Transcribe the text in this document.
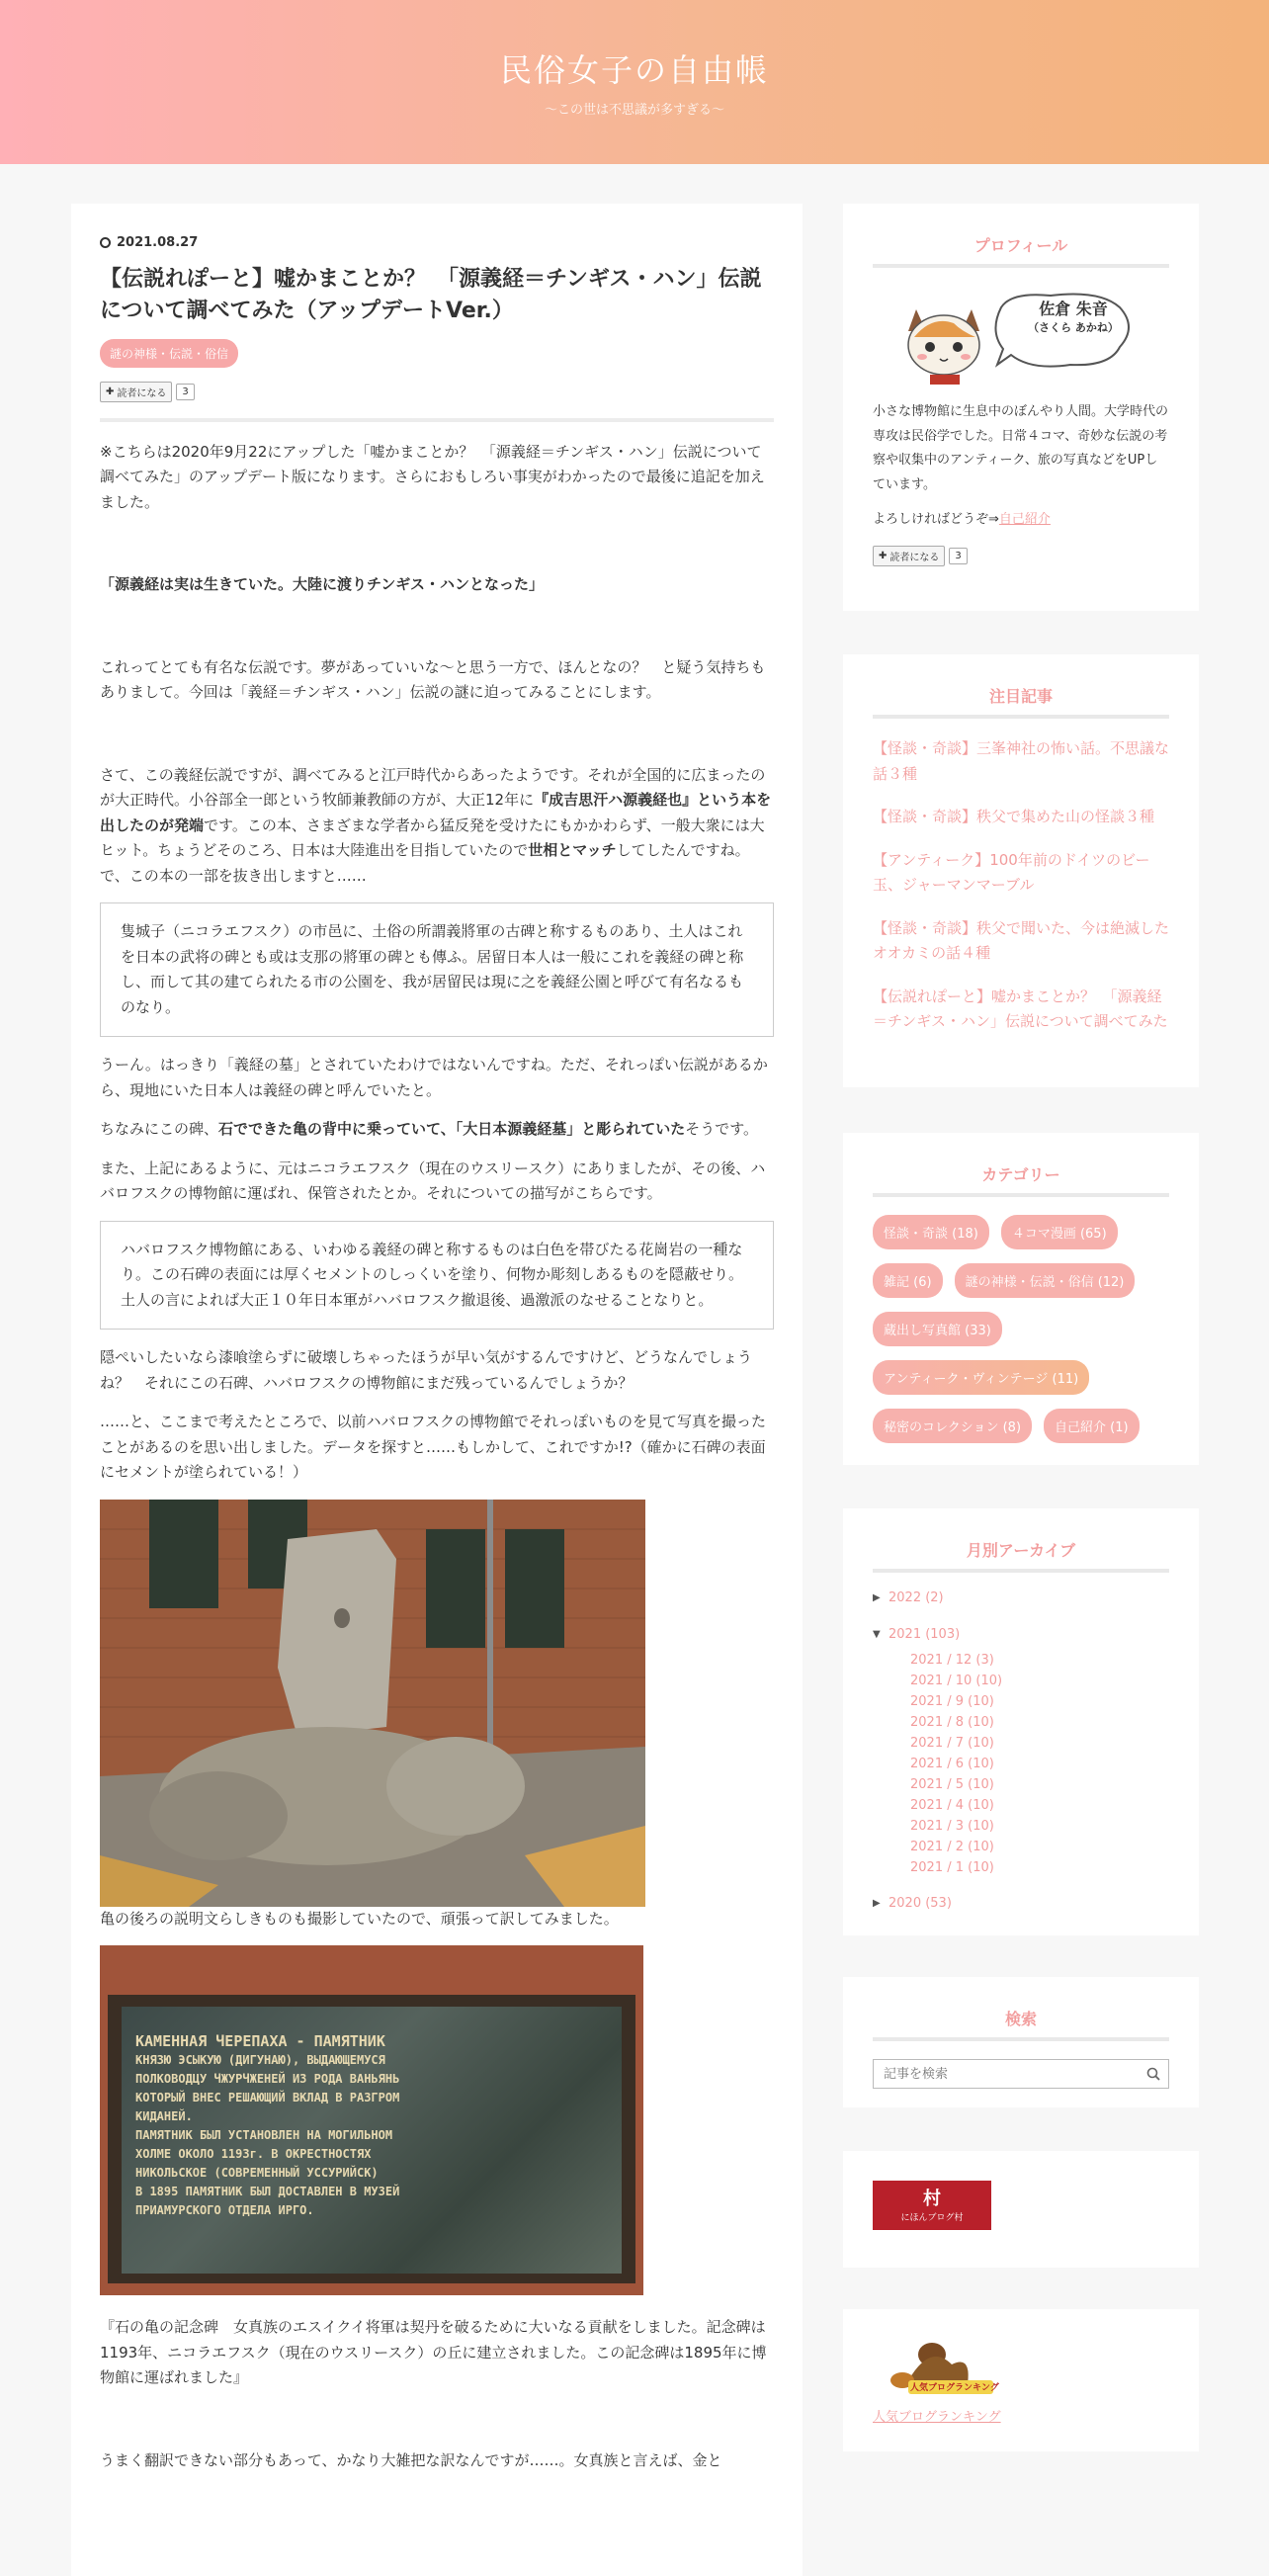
民俗女子の自由帳
～この世は不思議が多すぎる～
2021.08.27
【伝説れぽーと】嘘かまことか？　「源義経＝チンギス・ハン」伝説について調べてみた（アップデートVer.）
謎の神様・伝説・俗信
✚ 読者になる	3

※こちらは2020年9月22にアップした「嘘かまことか？　「源義経＝チンギス・ハン」伝説について調べてみた」のアップデート版になります。さらにおもしろい事実がわかったので最後に追記を加えました。

「源義経は実は生きていた。大陸に渡りチンギス・ハンとなった」

これってとても有名な伝説です。夢があっていいな～と思う一方で、ほんとなの？　と疑う気持ちもありまして。今回は「義経＝チンギス・ハン」伝説の謎に迫ってみることにします。

さて、この義経伝説ですが、調べてみると江戸時代からあったようです。それが全国的に広まったのが大正時代。小谷部全一郎という牧師兼教師の方が、大正12年に『成吉思汗ハ源義経也』という本を出したのが発端です。この本、さまざまな学者から猛反発を受けたにもかかわらず、一般大衆には大ヒット。ちょうどそのころ、日本は大陸進出を目指していたので世相とマッチしてしたんですね。で、この本の一部を抜き出しますと……

隻城子（ニコラエフスク）の市邑に、土俗の所謂義將軍の古碑と称するものあり、土人はこれを日本の武将の碑とも或は支那の將軍の碑とも傳ふ。居留日本人は一般にこれを義経の碑と称し、而して其の建てられたる市の公園を、我が居留民は現に之を義経公園と呼びて有名なるものなり。

うーん。はっきり「義経の墓」とされていたわけではないんですね。ただ、それっぽい伝説があるから、現地にいた日本人は義経の碑と呼んでいたと。

ちなみにこの碑、石でできた亀の背中に乗っていて、「大日本源義経墓」と彫られていたそうです。

また、上記にあるように、元はニコラエフスク（現在のウスリースク）にありましたが、その後、ハバロフスクの博物館に運ばれ、保管されたとか。それについての描写がこちらです。

ハバロフスク博物館にある、いわゆる義経の碑と称するものは白色を帯びたる花崗岩の一種なり。この石碑の表面には厚くセメントのしっくいを塗り、何物か彫刻しあるものを隠蔽せり。土人の言によれば大正１０年日本軍がハバロフスク撤退後、過激派のなせることなりと。

隠ぺいしたいなら漆喰塗らずに破壊しちゃったほうが早い気がするんですけど、どうなんでしょうね？　それにこの石碑、ハバロフスクの博物館にまだ残っているんでしょうか？

……と、ここまで考えたところで、以前ハバロフスクの博物館でそれっぽいものを見て写真を撮ったことがあるのを思い出しました。データを探すと……もしかして、これですか!?（確かに石碑の表面にセメントが塗られている！）

亀の後ろの説明文らしきものも撮影していたので、頑張って訳してみました。

КАМЕННАЯ ЧЕРЕПАХА - ПАМЯТНИК
КНЯЗЮ ЭСЫКУЮ (ДИГУНАЮ), ВЫДАЮЩЕМУСЯ
ПОЛКОВОДЦУ ЧЖУРЧЖЕНЕЙ ИЗ РОДА ВАНЬЯНЬ
КОТОРЫЙ ВНЕС РЕШАЮЩИЙ ВКЛАД В РАЗГРОМ
КИДАНЕЙ.
ПАМЯТНИК БЫЛ УСТАНОВЛЕН НА МОГИЛЬНОМ
ХОЛМЕ ОКОЛО 1193г. В ОКРЕСТНОСТЯХ
НИКОЛЬСКОЕ (СОВРЕМЕННЫЙ УССУРИЙСК)
В 1895 ПАМЯТНИК БЫЛ ДОСТАВЛЕН В МУЗЕЙ
ПРИАМУРСКОГО ОТДЕЛА ИРГО.

『石の亀の記念碑　女真族のエスイクイ将軍は契丹を破るために大いなる貢献をしました。記念碑は1193年、ニコラエフスク（現在のウスリースク）の丘に建立されました。この記念碑は1895年に博物館に運ばれました』

うまく翻訳できない部分もあって、かなり大雑把な訳なんですが……。女真族と言えば、金と

プロフィール
佐倉 朱音
（さくら あかね）
小さな博物館に生息中のぼんやり人間。大学時代の専攻は民俗学でした。日常４コマ、奇妙な伝説の考察や収集中のアンティーク、旅の写真などをUPしています。
よろしければどうぞ⇒自己紹介
✚ 読者になる	3
注目記事
【怪談・奇談】三峯神社の怖い話。不思議な話３種
【怪談・奇談】秩父で集めた山の怪談３種
【アンティーク】100年前のドイツのビー玉、ジャーマンマーブル
【怪談・奇談】秩父で聞いた、今は絶滅したオオカミの話４種
【伝説れぽーと】嘘かまことか？　「源義経＝チンギス・ハン」伝説について調べてみた
カテゴリー
怪談・奇談 (18)	４コマ漫画 (65)
雑記 (6)	謎の神様・伝説・俗信 (12)
蔵出し写真館 (33)
アンティーク・ヴィンテージ (11)
秘密のコレクション (8)	自己紹介 (1)
月別アーカイブ
▶ 2022 (2)
▼ 2021 (103)
2021 / 12 (3)
2021 / 10 (10)
2021 / 9 (10)
2021 / 8 (10)
2021 / 7 (10)
2021 / 6 (10)
2021 / 5 (10)
2021 / 4 (10)
2021 / 3 (10)
2021 / 2 (10)
2021 / 1 (10)
▶ 2020 (53)
検索
記事を検索
村
にほんブログ村
人気ブログランキング
人気ブログランキング
